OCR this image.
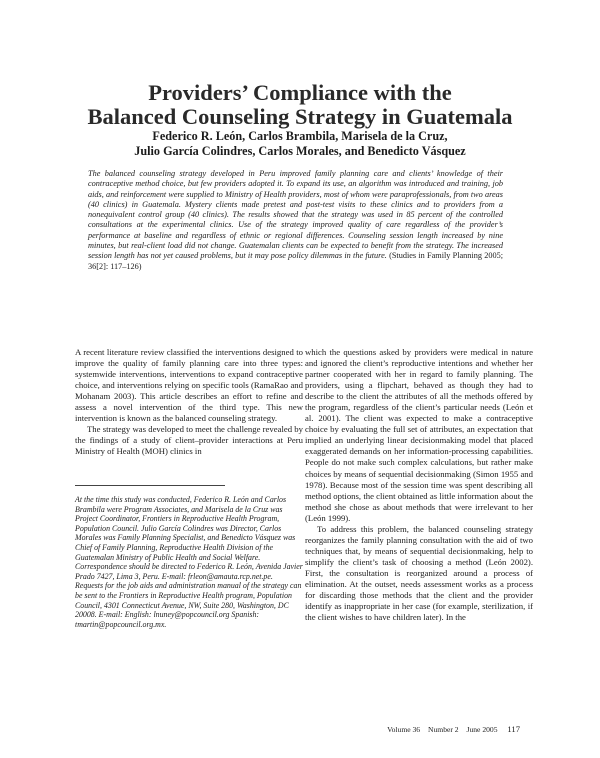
Providers’ Compliance with the
Balanced Counseling Strategy in Guatemala
Federico R. León, Carlos Brambila, Marisela de la Cruz,
Julio García Colindres, Carlos Morales, and Benedicto Vásquez
The balanced counseling strategy developed in Peru improved family planning care and clients’ knowledge of their contraceptive method choice, but few providers adopted it. To expand its use, an algorithm was introduced and training, job aids, and reinforcement were supplied to Ministry of Health providers, most of whom were paraprofessionals, from two areas (40 clinics) in Guatemala. Mystery clients made pretest and post-test visits to these clinics and to providers from a nonequivalent control group (40 clinics). The results showed that the strategy was used in 85 percent of the controlled consultations at the experimental clinics. Use of the strategy improved quality of care regardless of the provider’s performance at baseline and regardless of ethnic or regional differences. Counseling session length increased by nine minutes, but real-client load did not change. Guatemalan clients can be expected to benefit from the strategy. The increased session length has not yet caused problems, but it may pose policy dilemmas in the future. (Studies in Family Planning 2005; 36[2]: 117–126)

A recent literature review classified the interventions designed to improve the quality of family planning care into three types: systemwide interventions, interventions to expand contraceptive choice, and interventions relying on specific tools (RamaRao and Mohanam 2003). This article describes an effort to refine and assess a novel intervention of the third type. This new intervention is known as the balanced counseling strategy.

The strategy was developed to meet the challenge revealed by the findings of a study of client–provider interactions at Peru Ministry of Health (MOH) clinics in

At the time this study was conducted, Federico R. León and Carlos Brambila were Program Associates, and Marisela de la Cruz was Project Coordinator, Frontiers in Reproductive Health Program, Population Council. Julio García Colindres was Director, Carlos Morales was Family Planning Specialist, and Benedicto Vásquez was Chief of Family Planning, Reproductive Health Division of the Guatemalan Ministry of Public Health and Social Welfare. Correspondence should be directed to Federico R. León, Avenida Javier Prado 7427, Lima 3, Peru. E-mail: frleon@amauta.rcp.net.pe.

Requests for the job aids and administration manual of the strategy can be sent to the Frontiers in Reproductive Health program, Population Council, 4301 Connecticut Avenue, NW, Suite 280, Washington, DC 20008. E-mail: English: lnuney@popcouncil.org Spanish: tmartin@popcouncil.org.mx.

which the questions asked by providers were medical in nature and ignored the client’s reproductive intentions and whether her partner cooperated with her in regard to family planning. The providers, using a flipchart, behaved as though they had to describe to the client the attributes of all the methods offered by the program, regardless of the client’s particular needs (León et al. 2001). The client was expected to make a contraceptive choice by evaluating the full set of attributes, an expectation that implied an underlying linear decisionmaking model that placed exaggerated demands on her information-processing capabilities. People do not make such complex calculations, but rather make choices by means of sequential decisionmaking (Simon 1955 and 1978). Because most of the session time was spent describing all method options, the client obtained as little information about the method she chose as about methods that were irrelevant to her (León 1999).

To address this problem, the balanced counseling strategy reorganizes the family planning consultation with the aid of two techniques that, by means of sequential decisionmaking, help to simplify the client’s task of choosing a method (León 2002). First, the consultation is reorganized around a process of elimination. At the outset, needs assessment works as a process for discarding those methods that the client and the provider identify as inappropriate in her case (for example, sterilization, if the client wishes to have children later). In the

Volume 36 Number 2 June 2005 117
